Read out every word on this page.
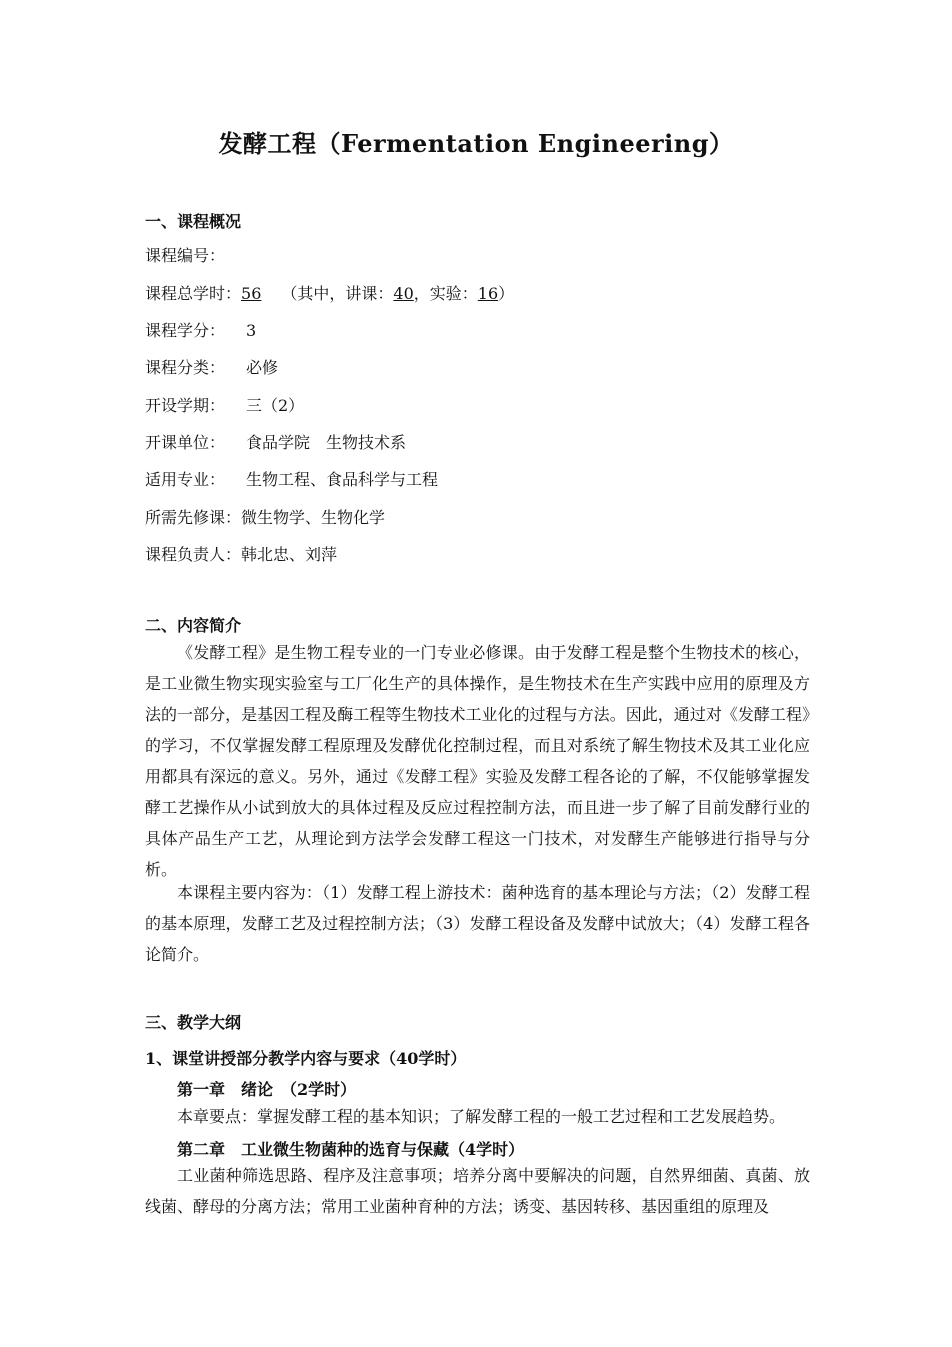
发酵工程（Fermentation Engineering）
一、课程概况
课程编号：
课程总学时：56 （其中，讲课：40，实验：16）
课程学分： 3
课程分类： 必修
开设学期： 三（2）
开课单位： 食品学院　生物技术系
适用专业： 生物工程、食品科学与工程
所需先修课：微生物学、生物化学
课程负责人：韩北忠、刘萍
二、内容简介

《发酵工程》是生物工程专业的一门专业必修课。由于发酵工程是整个生物技术的核心，是工业微生物实现实验室与工厂化生产的具体操作，是生物技术在生产实践中应用的原理及方法的一部分，是基因工程及酶工程等生物技术工业化的过程与方法。因此，通过对《发酵工程》的学习，不仅掌握发酵工程原理及发酵优化控制过程，而且对系统了解生物技术及其工业化应用都具有深远的意义。另外，通过《发酵工程》实验及发酵工程各论的了解，不仅能够掌握发酵工艺操作从小试到放大的具体过程及反应过程控制方法，而且进一步了解了目前发酵行业的具体产品生产工艺，从理论到方法学会发酵工程这一门技术，对发酵生产能够进行指导与分析。

本课程主要内容为：（1）发酵工程上游技术：菌种选育的基本理论与方法；（2）发酵工程的基本原理，发酵工艺及过程控制方法；（3）发酵工程设备及发酵中试放大；（4）发酵工程各论简介。

三、教学大纲
1、课堂讲授部分教学内容与要求（40学时）
第一章　绪论　（2学时）

本章要点：掌握发酵工程的基本知识；了解发酵工程的一般工艺过程和工艺发展趋势。

第二章　工业微生物菌种的选育与保藏（4学时）

工业菌种筛选思路、程序及注意事项；培养分离中要解决的问题，自然界细菌、真菌、放线菌、酵母的分离方法；常用工业菌种育种的方法；诱变、基因转移、基因重组的原理及
